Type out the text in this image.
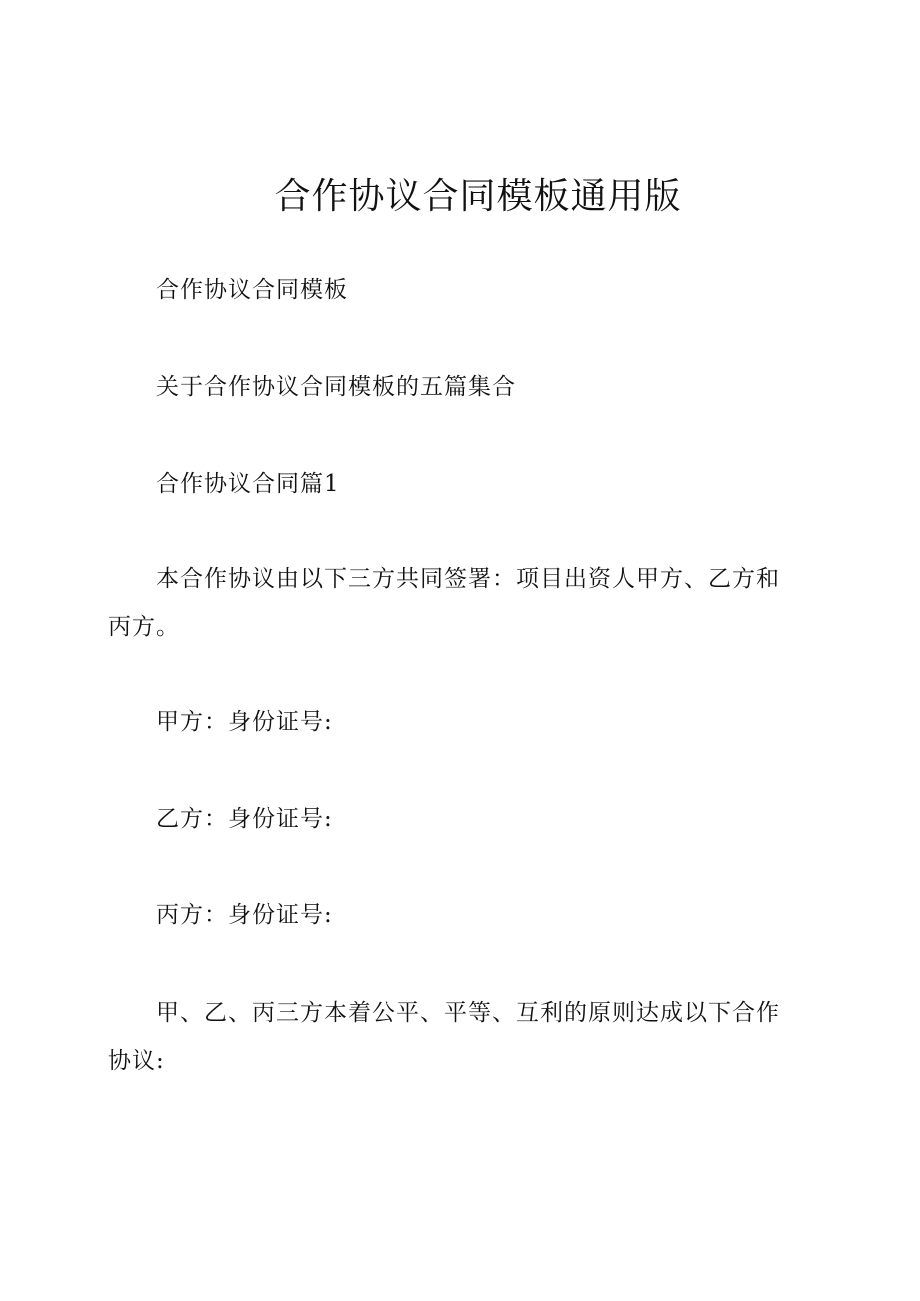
合作协议合同模板通用版
合作协议合同模板
关于合作协议合同模板的五篇集合
合作协议合同篇1
本合作协议由以下三方共同签署：项目出资人甲方、乙方和丙方。
甲方：身份证号:
乙方：身份证号:
丙方：身份证号:
甲、乙、丙三方本着公平、平等、互利的原则达成以下合作协议:
